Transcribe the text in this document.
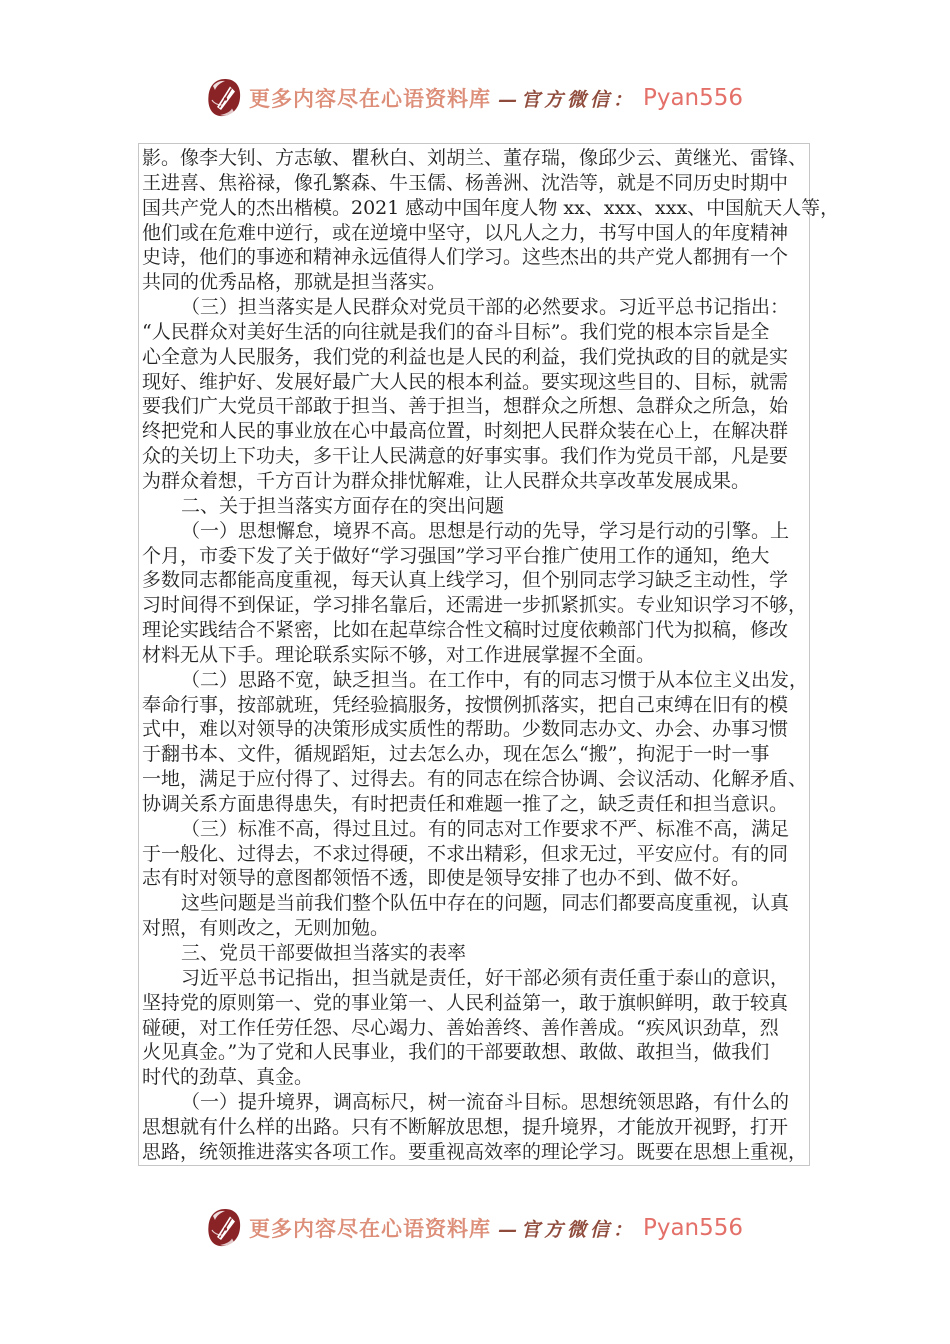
更多内容尽在心语资料库 —官方微信： Pyan556
影。像李大钊、方志敏、瞿秋白、刘胡兰、董存瑞，像邱少云、黄继光、雷锋、
王进喜、焦裕禄，像孔繁森、牛玉儒、杨善洲、沈浩等，就是不同历史时期中
国共产党人的杰出楷模。2021 感动中国年度人物 xx、xxx、xxx、中国航天人等，
他们或在危难中逆行，或在逆境中坚守，以凡人之力，书写中国人的年度精神
史诗，他们的事迹和精神永远值得人们学习。这些杰出的共产党人都拥有一个
共同的优秀品格，那就是担当落实。
（三）担当落实是人民群众对党员干部的必然要求。习近平总书记指出：
“人民群众对美好生活的向往就是我们的奋斗目标”。我们党的根本宗旨是全
心全意为人民服务，我们党的利益也是人民的利益，我们党执政的目的就是实
现好、维护好、发展好最广大人民的根本利益。要实现这些目的、目标，就需
要我们广大党员干部敢于担当、善于担当，想群众之所想、急群众之所急，始
终把党和人民的事业放在心中最高位置，时刻把人民群众装在心上，在解决群
众的关切上下功夫，多干让人民满意的好事实事。我们作为党员干部，凡是要
为群众着想，千方百计为群众排忧解难，让人民群众共享改革发展成果。
二、关于担当落实方面存在的突出问题
（一）思想懈怠，境界不高。思想是行动的先导，学习是行动的引擎。上
个月，市委下发了关于做好“学习强国”学习平台推广使用工作的通知，绝大
多数同志都能高度重视，每天认真上线学习，但个别同志学习缺乏主动性，学
习时间得不到保证，学习排名靠后，还需进一步抓紧抓实。专业知识学习不够，
理论实践结合不紧密，比如在起草综合性文稿时过度依赖部门代为拟稿，修改
材料无从下手。理论联系实际不够，对工作进展掌握不全面。
（二）思路不宽，缺乏担当。在工作中，有的同志习惯于从本位主义出发，
奉命行事，按部就班，凭经验搞服务，按惯例抓落实，把自己束缚在旧有的模
式中，难以对领导的决策形成实质性的帮助。少数同志办文、办会、办事习惯
于翻书本、文件，循规蹈矩，过去怎么办，现在怎么“搬”，拘泥于一时一事
一地，满足于应付得了、过得去。有的同志在综合协调、会议活动、化解矛盾、
协调关系方面患得患失，有时把责任和难题一推了之，缺乏责任和担当意识。
（三）标准不高，得过且过。有的同志对工作要求不严、标准不高，满足
于一般化、过得去，不求过得硬，不求出精彩，但求无过，平安应付。有的同
志有时对领导的意图都领悟不透，即使是领导安排了也办不到、做不好。
这些问题是当前我们整个队伍中存在的问题，同志们都要高度重视，认真
对照，有则改之，无则加勉。
三、党员干部要做担当落实的表率
习近平总书记指出，担当就是责任，好干部必须有责任重于泰山的意识，
坚持党的原则第一、党的事业第一、人民利益第一，敢于旗帜鲜明，敢于较真
碰硬，对工作任劳任怨、尽心竭力、善始善终、善作善成。“疾风识劲草，烈
火见真金。”为了党和人民事业，我们的干部要敢想、敢做、敢担当，做我们
时代的劲草、真金。
（一）提升境界，调高标尺，树一流奋斗目标。思想统领思路，有什么的
思想就有什么样的出路。只有不断解放思想，提升境界，才能放开视野，打开
思路，统领推进落实各项工作。要重视高效率的理论学习。既要在思想上重视，
更多内容尽在心语资料库 —官方微信： Pyan556
